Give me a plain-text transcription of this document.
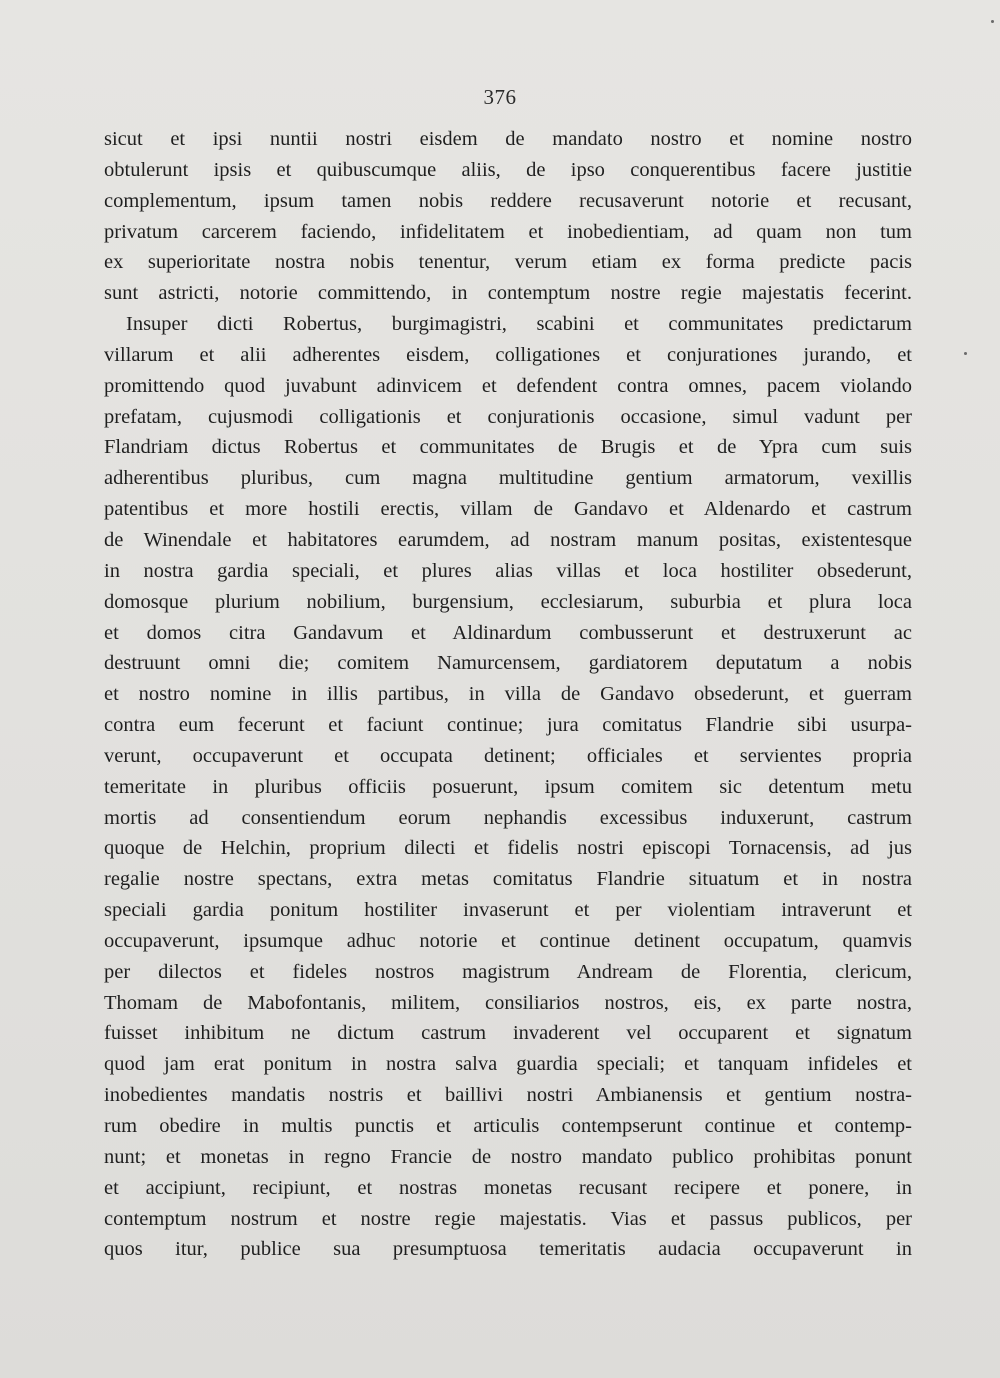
376
sicut et ipsi nuntii nostri eisdem de mandato nostro et nomine nostro
obtulerunt ipsis et quibuscumque aliis, de ipso conquerentibus facere justitie
complementum, ipsum tamen nobis reddere recusaverunt notorie et recusant,
privatum carcerem faciendo, infidelitatem et inobedientiam, ad quam non tum
ex superioritate nostra nobis tenentur, verum etiam ex forma predicte pacis
sunt astricti, notorie committendo, in contemptum nostre regie majestatis fecerint.
Insuper dicti Robertus, burgimagistri, scabini et communitates predictarum
villarum et alii adherentes eisdem, colligationes et conjurationes jurando, et
promittendo quod juvabunt adinvicem et defendent contra omnes, pacem violando
prefatam, cujusmodi colligationis et conjurationis occasione, simul vadunt per
Flandriam dictus Robertus et communitates de Brugis et de Ypra cum suis
adherentibus pluribus, cum magna multitudine gentium armatorum, vexillis
patentibus et more hostili erectis, villam de Gandavo et Aldenardo et castrum
de Winendale et habitatores earumdem, ad nostram manum positas, existentesque
in nostra gardia speciali, et plures alias villas et loca hostiliter obsederunt,
domosque plurium nobilium, burgensium, ecclesiarum, suburbia et plura loca
et domos citra Gandavum et Aldinardum combusserunt et destruxerunt ac
destruunt omni die; comitem Namurcensem, gardiatorem deputatum a nobis
et nostro nomine in illis partibus, in villa de Gandavo obsederunt, et guerram
contra eum fecerunt et faciunt continue; jura comitatus Flandrie sibi usurpa-
verunt, occupaverunt et occupata detinent; officiales et servientes propria
temeritate in pluribus officiis posuerunt, ipsum comitem sic detentum metu
mortis ad consentiendum eorum nephandis excessibus induxerunt, castrum
quoque de Helchin, proprium dilecti et fidelis nostri episcopi Tornacensis, ad jus
regalie nostre spectans, extra metas comitatus Flandrie situatum et in nostra
speciali gardia ponitum hostiliter invaserunt et per violentiam intraverunt et
occupaverunt, ipsumque adhuc notorie et continue detinent occupatum, quamvis
per dilectos et fideles nostros magistrum Andream de Florentia, clericum,
Thomam de Mabofontanis, militem, consiliarios nostros, eis, ex parte nostra,
fuisset inhibitum ne dictum castrum invaderent vel occuparent et signatum
quod jam erat ponitum in nostra salva guardia speciali; et tanquam infideles et
inobedientes mandatis nostris et baillivi nostri Ambianensis et gentium nostra-
rum obedire in multis punctis et articulis contempserunt continue et contemp-
nunt; et monetas in regno Francie de nostro mandato publico prohibitas ponunt
et accipiunt, recipiunt, et nostras monetas recusant recipere et ponere, in
contemptum nostrum et nostre regie majestatis. Vias et passus publicos, per
quos itur, publice sua presumptuosa temeritatis audacia occupaverunt in
